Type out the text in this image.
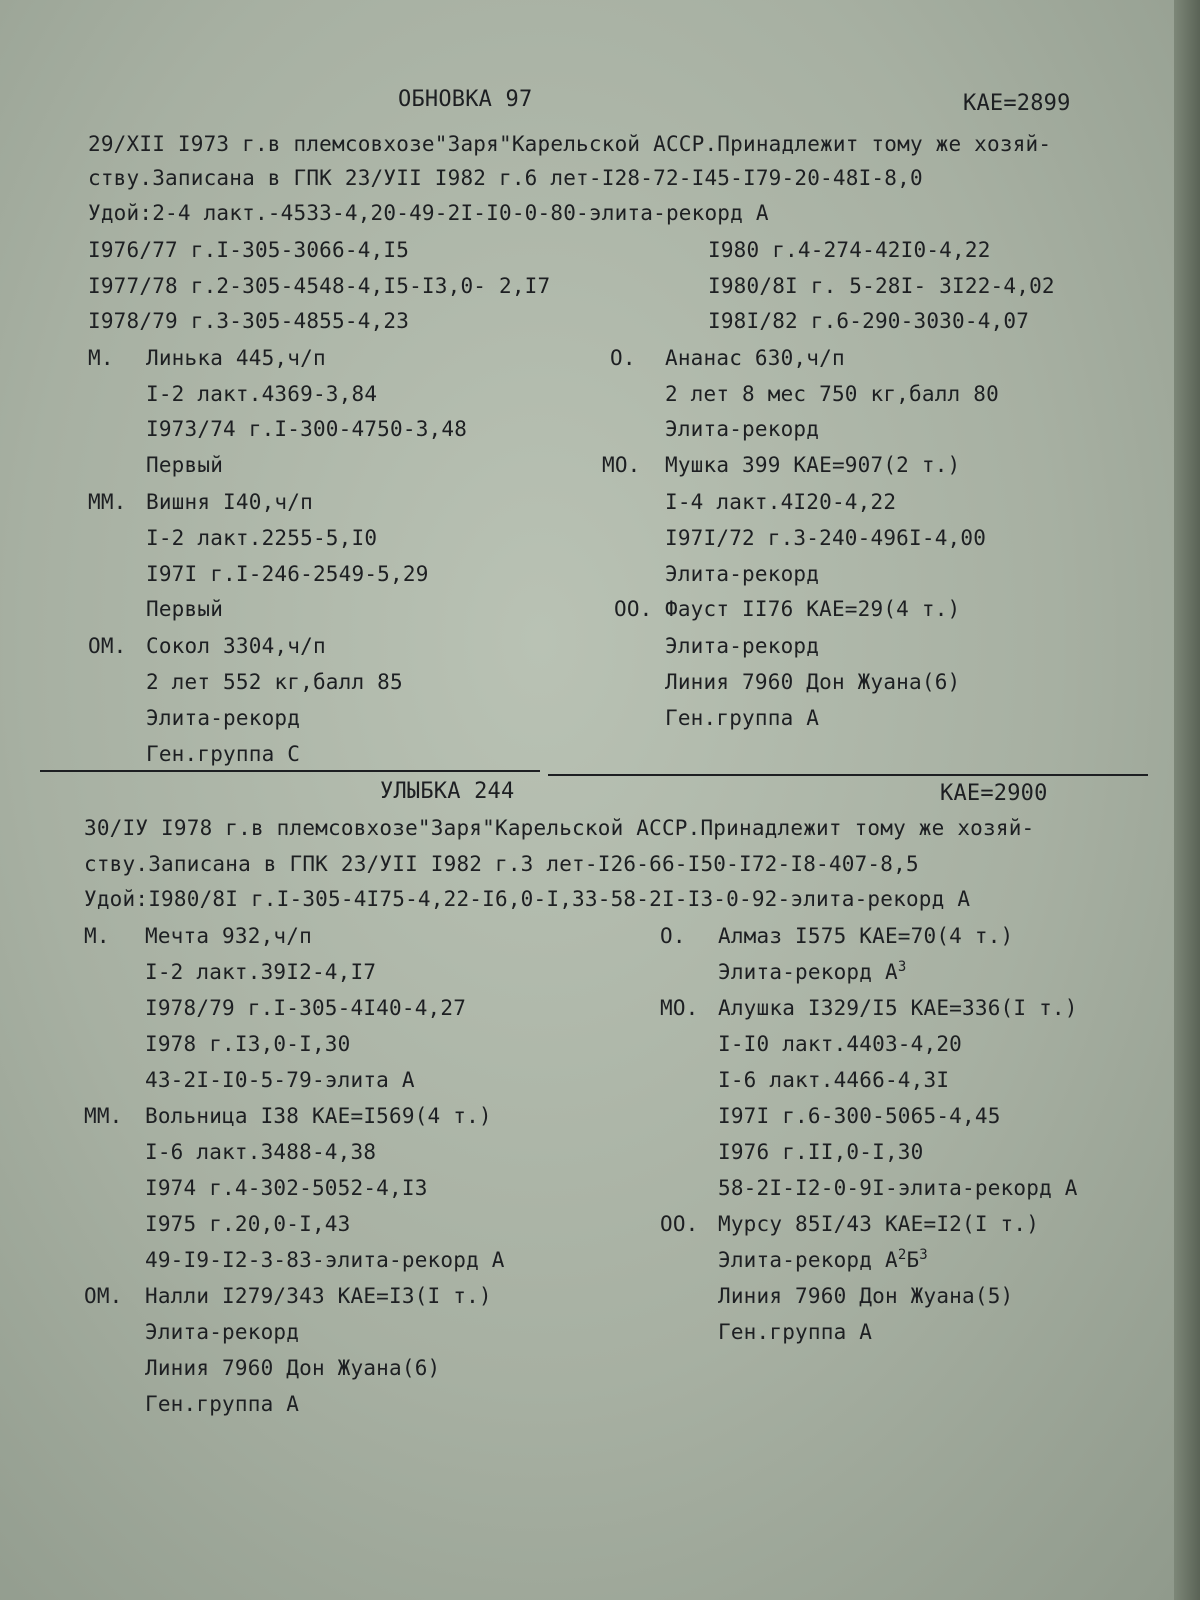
ОБНОВКА 97	КАЕ=2899
29/XII I973 г.в племсовхозе"Заря"Карельской АССР.Принадлежит тому же хозяй-
ству.Записана в ГПК 23/УII I982 г.6 лет-I28-72-I45-I79-20-48I-8,0
Удой:2-4 лакт.-4533-4,20-49-2I-I0-0-80-элита-рекорд А
I976/77 г.I-305-3066-4,I5
I977/78 г.2-305-4548-4,I5-I3,0- 2,I7
I978/79 г.3-305-4855-4,23
I980 г.4-274-42I0-4,22
I980/8I г. 5-28I- 3I22-4,02
I98I/82 г.6-290-3030-4,07
М. Линька 445,ч/п
I-2 лакт.4369-3,84
I973/74 г.I-300-4750-3,48
Первый
ММ. Вишня I40,ч/п
I-2 лакт.2255-5,I0
I97I г.I-246-2549-5,29
Первый
ОМ. Сокол 3304,ч/п
2 лет 552 кг,балл 85
Элита-рекорд
Ген.группа С
О. Ананас 630,ч/п
2 лет 8 мес 750 кг,балл 80
Элита-рекорд
МО. Мушка 399 КАЕ=907(2 т.)
I-4 лакт.4I20-4,22
I97I/72 г.3-240-496I-4,00
Элита-рекорд
ОО. Фауст II76 КАЕ=29(4 т.)
Элита-рекорд
Линия 7960 Дон Жуана(6)
Ген.группа А
УЛЫБКА 244	КАЕ=2900
30/IУ I978 г.в племсовхозе"Заря"Карельской АССР.Принадлежит тому же хозяй-
ству.Записана в ГПК 23/УII I982 г.3 лет-I26-66-I50-I72-I8-407-8,5
Удой:I980/8I г.I-305-4I75-4,22-I6,0-I,33-58-2I-I3-0-92-элита-рекорд А
М. Мечта 932,ч/п
I-2 лакт.39I2-4,I7
I978/79 г.I-305-4I40-4,27
I978 г.I3,0-I,30
43-2I-I0-5-79-элита А
ММ. Вольница I38 КАЕ=I569(4 т.)
I-6 лакт.3488-4,38
I974 г.4-302-5052-4,I3
I975 г.20,0-I,43
49-I9-I2-3-83-элита-рекорд А
ОМ. Налли I279/343 КАЕ=I3(I т.)
Элита-рекорд
Линия 7960 Дон Жуана(6)
Ген.группа А
О. Алмаз I575 КАЕ=70(4 т.)
Элита-рекорд $А^3$
МО. Алушка I329/I5 КАЕ=336(I т.)
I-I0 лакт.4403-4,20
I-6 лакт.4466-4,3I
I97I г.6-300-5065-4,45
I976 г.II,0-I,30
58-2I-I2-0-9I-элита-рекорд А
ОО. Мурсу 85I/43 КАЕ=I2(I т.)
Элита-рекорд $А^2Б^3$
Линия 7960 Дон Жуана(5)
Ген.группа А
